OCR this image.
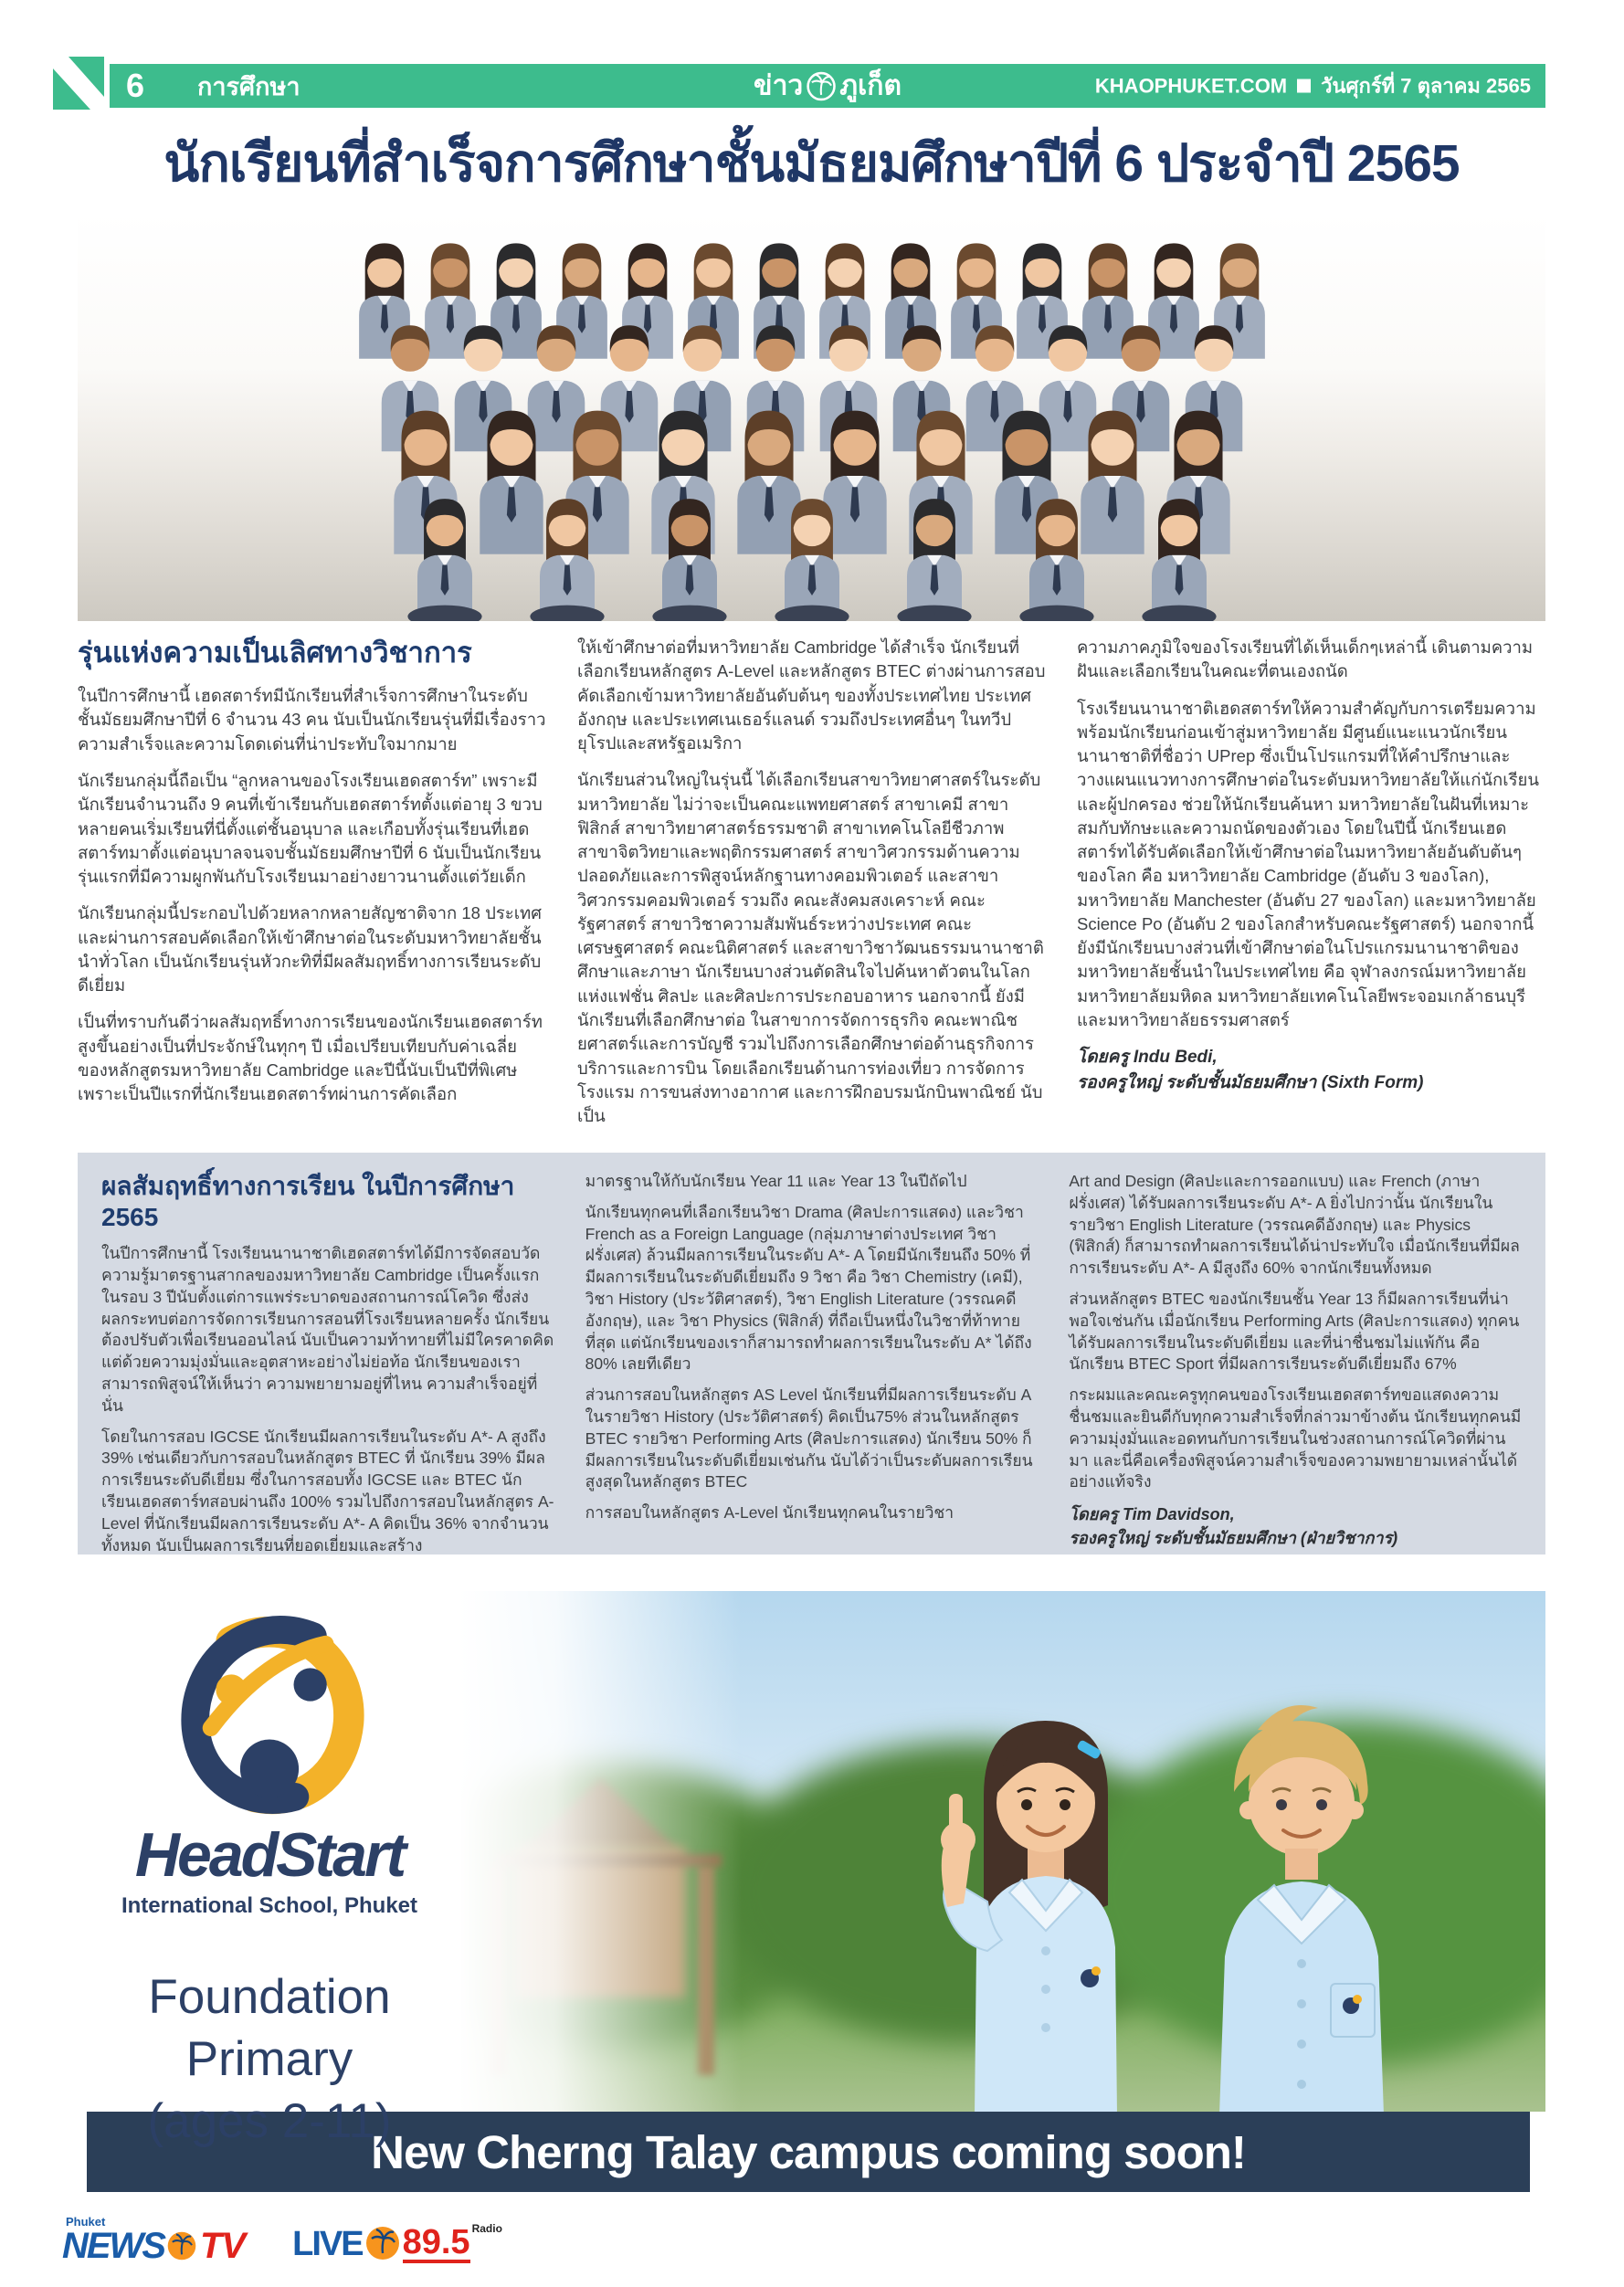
6 การศึกษา	ข่าว ภูเก็ต	KHAOPHUKET.COM วันศุกร์ที่ 7 ตุลาคม 2565
นักเรียนที่สำเร็จการศึกษาชั้นมัธยมศึกษาปีที่ 6 ประจำปี 2565
รุ่นแห่งความเป็นเลิศทางวิชาการ

ในปีการศึกษานี้ เฮดสตาร์ทมีนักเรียนที่สำเร็จการศึกษาในระดับชั้นมัธยมศึกษาปีที่ 6 จำนวน 43 คน นับเป็นนักเรียนรุ่นที่มีเรื่องราวความสำเร็จและความโดดเด่นที่น่าประทับใจมากมาย

นักเรียนกลุ่มนี้ถือเป็น “ลูกหลานของโรงเรียนเฮดสตาร์ท” เพราะมีนักเรียนจำนวนถึง 9 คนที่เข้าเรียนกับเฮดสตาร์ทตั้งแต่อายุ 3 ขวบ หลายคนเริ่มเรียนที่นี่ตั้งแต่ชั้นอนุบาล และเกือบทั้งรุ่นเรียนที่เฮดสตาร์ทมาตั้งแต่อนุบาลจนจบชั้นมัธยมศึกษาปีที่ 6 นับเป็นนักเรียนรุ่นแรกที่มีความผูกพันกับโรงเรียนมาอย่างยาวนานตั้งแต่วัยเด็ก

นักเรียนกลุ่มนี้ประกอบไปด้วยหลากหลายสัญชาติจาก 18 ประเทศและผ่านการสอบคัดเลือกให้เข้าศึกษาต่อในระดับมหาวิทยาลัยชั้นนำทั่วโลก เป็นนักเรียนรุ่นหัวกะทิที่มีผลสัมฤทธิ์ทางการเรียนระดับดีเยี่ยม

เป็นที่ทราบกันดีว่าผลสัมฤทธิ์ทางการเรียนของนักเรียนเฮดสตาร์ทสูงขึ้นอย่างเป็นที่ประจักษ์ในทุกๆ ปี เมื่อเปรียบเทียบกับค่าเฉลี่ยของหลักสูตรมหาวิทยาลัย Cambridge และปีนี้นับเป็นปีที่พิเศษ เพราะเป็นปีแรกที่นักเรียนเฮดสตาร์ทผ่านการคัดเลือก

ให้เข้าศึกษาต่อที่มหาวิทยาลัย Cambridge ได้สำเร็จ นักเรียนที่เลือกเรียนหลักสูตร A-Level และหลักสูตร BTEC ต่างผ่านการสอบคัดเลือกเข้ามหาวิทยาลัยอันดับต้นๆ ของทั้งประเทศไทย ประเทศอังกฤษ และประเทศเนเธอร์แลนด์ รวมถึงประเทศอื่นๆ ในทวีปยุโรปและสหรัฐอเมริกา

นักเรียนส่วนใหญ่ในรุ่นนี้ ได้เลือกเรียนสาขาวิทยาศาสตร์ในระดับมหาวิทยาลัย ไม่ว่าจะเป็นคณะแพทยศาสตร์ สาขาเคมี สาขาฟิสิกส์ สาขาวิทยาศาสตร์ธรรมชาติ สาขาเทคโนโลยีชีวภาพ สาขาจิตวิทยาและพฤติกรรมศาสตร์ สาขาวิศวกรรมด้านความปลอดภัยและการพิสูจน์หลักฐานทางคอมพิวเตอร์ และสาขาวิศวกรรมคอมพิวเตอร์ รวมถึง คณะสังคมสงเคราะห์ คณะรัฐศาสตร์ สาขาวิชาความสัมพันธ์ระหว่างประเทศ คณะเศรษฐศาสตร์ คณะนิติศาสตร์ และสาขาวิชาวัฒนธรรมนานาชาติศึกษาและภาษา นักเรียนบางส่วนตัดสินใจไปค้นหาตัวตนในโลกแห่งแฟชั่น ศิลปะ และศิลปะการประกอบอาหาร นอกจากนี้ ยังมีนักเรียนที่เลือกศึกษาต่อ ในสาขาการจัดการธุรกิจ คณะพาณิชยศาสตร์และการบัญชี รวมไปถึงการเลือกศึกษาต่อด้านธุรกิจการบริการและการบิน โดยเลือกเรียนด้านการท่องเที่ยว การจัดการโรงแรม การขนส่งทางอากาศ และการฝึกอบรมนักบินพาณิชย์ นับเป็น

ความภาคภูมิใจของโรงเรียนที่ได้เห็นเด็กๆเหล่านี้ เดินตามความฝันและเลือกเรียนในคณะที่ตนเองถนัด

โรงเรียนนานาชาติเฮดสตาร์ทให้ความสำคัญกับการเตรียมความพร้อมนักเรียนก่อนเข้าสู่มหาวิทยาลัย มีศูนย์แนะแนวนักเรียนนานาชาติที่ชื่อว่า UPrep ซึ่งเป็นโปรแกรมที่ให้คำปรึกษาและวางแผนแนวทางการศึกษาต่อในระดับมหาวิทยาลัยให้แก่นักเรียนและผู้ปกครอง ช่วยให้นักเรียนค้นหา มหาวิทยาลัยในฝันที่เหมาะสมกับทักษะและความถนัดของตัวเอง โดยในปีนี้ นักเรียนเฮดสตาร์ทได้รับคัดเลือกให้เข้าศึกษาต่อในมหาวิทยาลัยอันดับต้นๆของโลก คือ มหาวิทยาลัย Cambridge (อันดับ 3 ของโลก), มหาวิทยาลัย Manchester (อันดับ 27 ของโลก) และมหาวิทยาลัย Science Po (อันดับ 2 ของโลกสำหรับคณะรัฐศาสตร์) นอกจากนี้ ยังมีนักเรียนบางส่วนที่เข้าศึกษาต่อในโปรแกรมนานาชาติของมหาวิทยาลัยชั้นนำในประเทศไทย คือ จุฬาลงกรณ์มหาวิทยาลัย มหาวิทยาลัยมหิดล มหาวิทยาลัยเทคโนโลยีพระจอมเกล้าธนบุรี และมหาวิทยาลัยธรรมศาสตร์

โดยครู Indu Bedi,
รองครูใหญ่ ระดับชั้นมัธยมศึกษา (Sixth Form)
ผลสัมฤทธิ์ทางการเรียน ในปีการศึกษา 2565

ในปีการศึกษานี้ โรงเรียนนานาชาติเฮดสตาร์ทได้มีการจัดสอบวัดความรู้มาตรฐานสากลของมหาวิทยาลัย Cambridge เป็นครั้งแรกในรอบ 3 ปีนับตั้งแต่การแพร่ระบาดของสถานการณ์โควิด ซึ่งส่งผลกระทบต่อการจัดการเรียนการสอนที่โรงเรียนหลายครั้ง นักเรียนต้องปรับตัวเพื่อเรียนออนไลน์ นับเป็นความท้าทายที่ไม่มีใครคาดคิด แต่ด้วยความมุ่งมั่นและอุตสาหะอย่างไม่ย่อท้อ นักเรียนของเราสามารถพิสูจน์ให้เห็นว่า ความพยายามอยู่ที่ไหน ความสำเร็จอยู่ที่นั่น

โดยในการสอบ IGCSE นักเรียนมีผลการเรียนในระดับ A*- A สูงถึง 39% เช่นเดียวกับการสอบในหลักสูตร BTEC ที่ นักเรียน 39% มีผลการเรียนระดับดีเยี่ยม ซึ่งในการสอบทั้ง IGCSE และ BTEC นักเรียนเฮดสตาร์ทสอบผ่านถึง 100% รวมไปถึงการสอบในหลักสูตร A-Level ที่นักเรียนมีผลการเรียนระดับ A*- A คิดเป็น 36% จากจำนวนทั้งหมด นับเป็นผลการเรียนที่ยอดเยี่ยมและสร้าง

มาตรฐานให้กับนักเรียน Year 11 และ Year 13 ในปีถัดไป

นักเรียนทุกคนที่เลือกเรียนวิชา Drama (ศิลปะการแสดง) และวิชา French as a Foreign Language (กลุ่มภาษาต่างประเทศ วิชาฝรั่งเศส) ล้วนมีผลการเรียนในระดับ A*- A โดยมีนักเรียนถึง 50% ที่มีผลการเรียนในระดับดีเยี่ยมถึง 9 วิชา คือ วิชา Chemistry (เคมี), วิชา History (ประวัติศาสตร์), วิชา English Literature (วรรณคดีอังกฤษ), และ วิชา Physics (ฟิสิกส์) ที่ถือเป็นหนึ่งในวิชาที่ท้าทายที่สุด แต่นักเรียนของเราก็สามารถทำผลการเรียนในระดับ A* ได้ถึง 80% เลยทีเดียว

ส่วนการสอบในหลักสูตร AS Level นักเรียนที่มีผลการเรียนระดับ A ในรายวิชา History (ประวัติศาสตร์) คิดเป็น75% ส่วนในหลักสูตร BTEC รายวิชา Performing Arts (ศิลปะการแสดง) นักเรียน 50% ก็มีผลการเรียนในระดับดีเยี่ยมเช่นกัน นับได้ว่าเป็นระดับผลการเรียนสูงสุดในหลักสูตร BTEC

การสอบในหลักสูตร A-Level นักเรียนทุกคนในรายวิชา

Art and Design (ศิลปะและการออกแบบ) และ French (ภาษาฝรั่งเศส) ได้รับผลการเรียนระดับ A*- A ยิ่งไปกว่านั้น นักเรียนในรายวิชา English Literature (วรรณคดีอังกฤษ) และ Physics (ฟิสิกส์) ก็สามารถทำผลการเรียนได้น่าประทับใจ เมื่อนักเรียนที่มีผลการเรียนระดับ A*- A มีสูงถึง 60% จากนักเรียนทั้งหมด

ส่วนหลักสูตร BTEC ของนักเรียนชั้น Year 13 ก็มีผลการเรียนที่น่าพอใจเช่นกัน เมื่อนักเรียน Performing Arts (ศิลปะการแสดง) ทุกคนได้รับผลการเรียนในระดับดีเยี่ยม และที่น่าชื่นชมไม่แพ้กัน คือนักเรียน BTEC Sport ที่มีผลการเรียนระดับดีเยี่ยมถึง 67%

กระผมและคณะครูทุกคนของโรงเรียนเฮดสตาร์ทขอแสดงความชื่นชมและยินดีกับทุกความสำเร็จที่กล่าวมาข้างต้น นักเรียนทุกคนมีความมุ่งมั่นและอดทนกับการเรียนในช่วงสถานการณ์โควิดที่ผ่านมา และนี่คือเครื่องพิสูจน์ความสำเร็จของความพยายามเหล่านั้นได้อย่างแท้จริง

โดยครู Tim Davidson,
รองครูใหญ่ ระดับชั้นมัธยมศึกษา (ฝ่ายวิชาการ)
HeadStart
International School, Phuket
Foundation
Primary
(ages 2-11)
New Cherng Talay campus coming soon!
Phuket
NEWS TV LIVE 89.5 Radio
